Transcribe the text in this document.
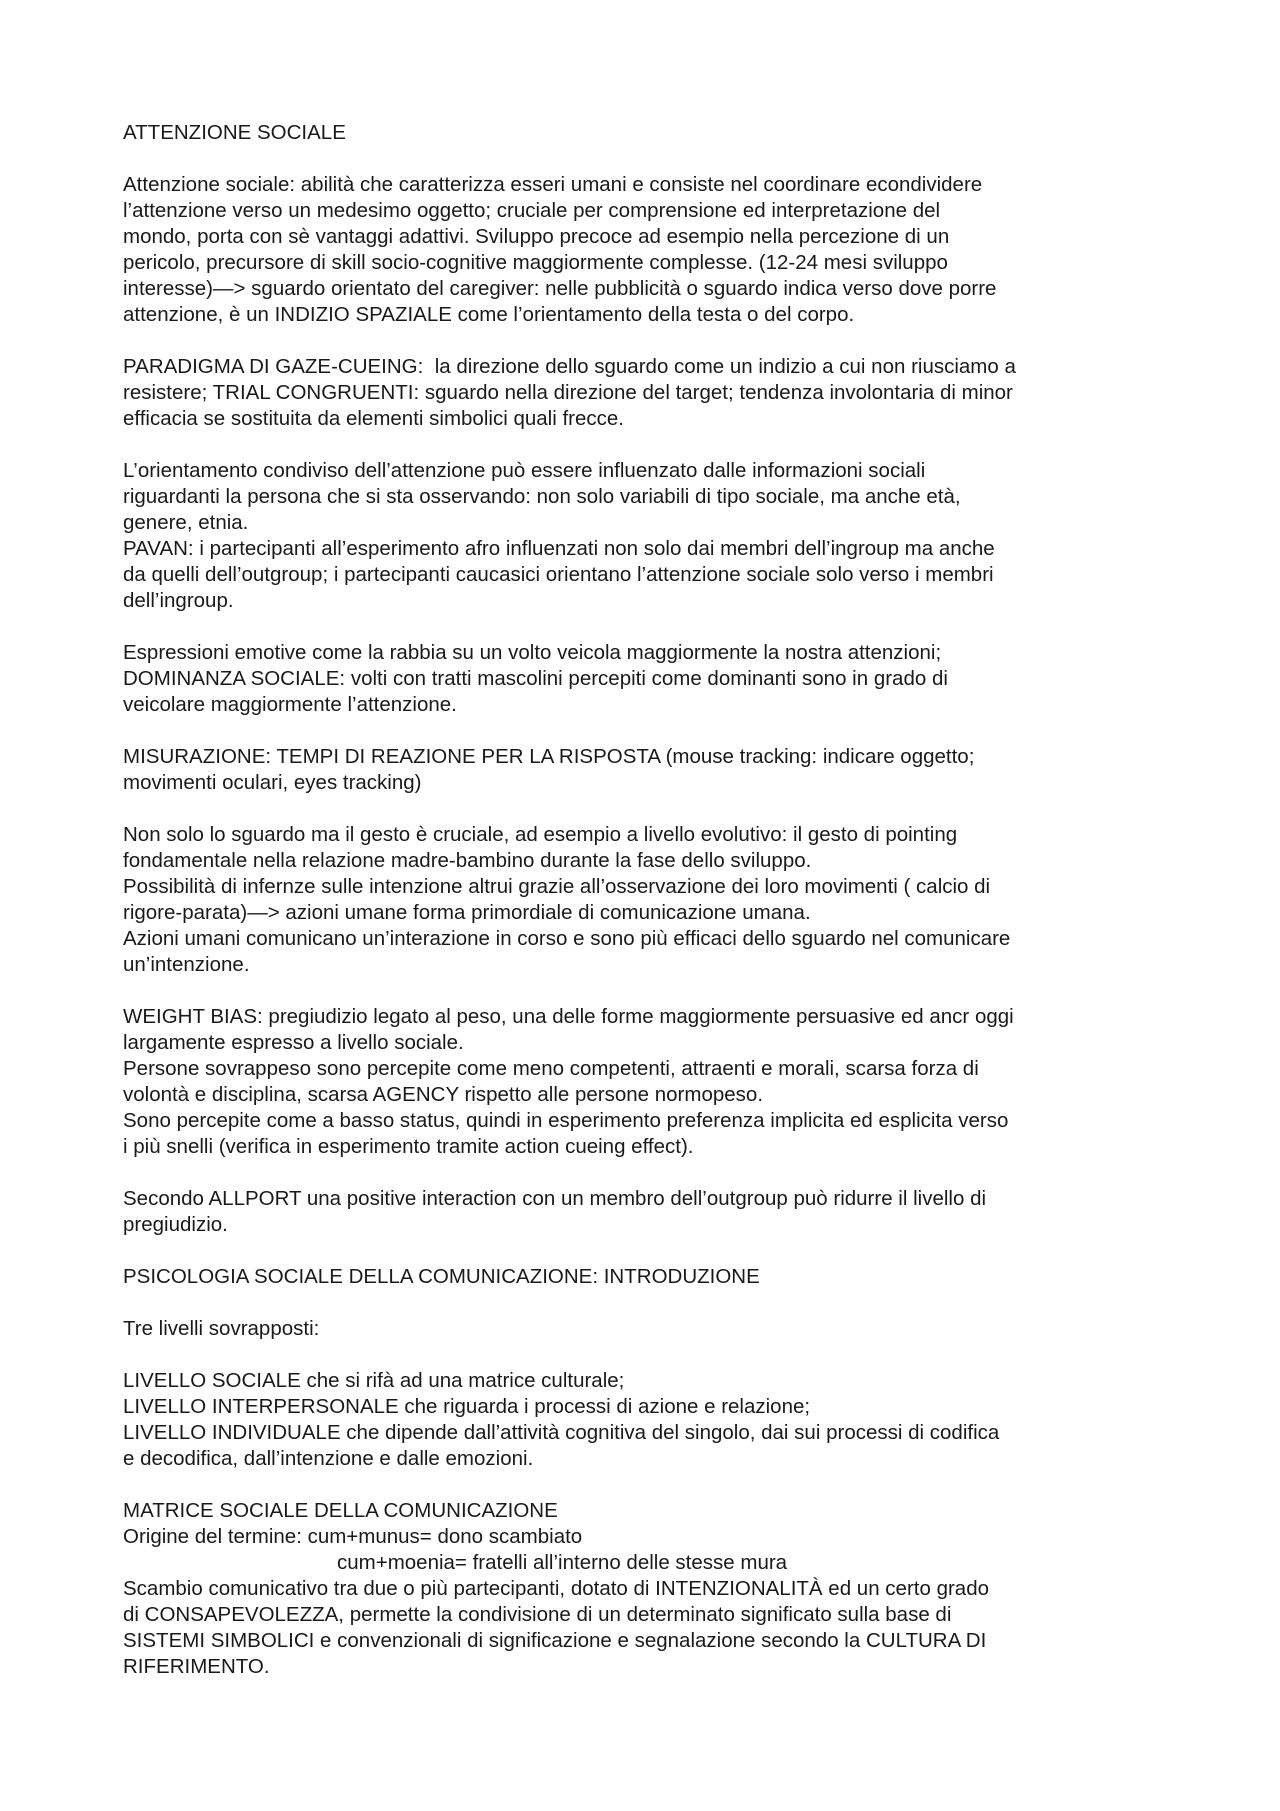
ATTENZIONE SOCIALE
Attenzione sociale: abilità che caratterizza esseri umani e consiste nel coordinare econdividere
l’attenzione verso un medesimo oggetto; cruciale per comprensione ed interpretazione del
mondo, porta con sè vantaggi adattivi. Sviluppo precoce ad esempio nella percezione di un
pericolo, precursore di skill socio-cognitive maggiormente complesse. (12-24 mesi sviluppo
interesse)—> sguardo orientato del caregiver: nelle pubblicità o sguardo indica verso dove porre
attenzione, è un INDIZIO SPAZIALE come l’orientamento della testa o del corpo.
PARADIGMA DI GAZE-CUEING:  la direzione dello sguardo come un indizio a cui non riusciamo a
resistere; TRIAL CONGRUENTI: sguardo nella direzione del target; tendenza involontaria di minor
efficacia se sostituita da elementi simbolici quali frecce.
L’orientamento condiviso dell’attenzione può essere influenzato dalle informazioni sociali
riguardanti la persona che si sta osservando: non solo variabili di tipo sociale, ma anche età,
genere, etnia.
PAVAN: i partecipanti all’esperimento afro influenzati non solo dai membri dell’ingroup ma anche
da quelli dell’outgroup; i partecipanti caucasici orientano l’attenzione sociale solo verso i membri
dell’ingroup.
Espressioni emotive come la rabbia su un volto veicola maggiormente la nostra attenzioni;
DOMINANZA SOCIALE: volti con tratti mascolini percepiti come dominanti sono in grado di
veicolare maggiormente l’attenzione.
MISURAZIONE: TEMPI DI REAZIONE PER LA RISPOSTA (mouse tracking: indicare oggetto;
movimenti oculari, eyes tracking)
Non solo lo sguardo ma il gesto è cruciale, ad esempio a livello evolutivo: il gesto di pointing
fondamentale nella relazione madre-bambino durante la fase dello sviluppo.
Possibilità di infernze sulle intenzione altrui grazie all’osservazione dei loro movimenti ( calcio di
rigore-parata)—> azioni umane forma primordiale di comunicazione umana.
Azioni umani comunicano un’interazione in corso e sono più efficaci dello sguardo nel comunicare
un’intenzione.
WEIGHT BIAS: pregiudizio legato al peso, una delle forme maggiormente persuasive ed ancr oggi
largamente espresso a livello sociale.
Persone sovrappeso sono percepite come meno competenti, attraenti e morali, scarsa forza di
volontà e disciplina, scarsa AGENCY rispetto alle persone normopeso.
Sono percepite come a basso status, quindi in esperimento preferenza implicita ed esplicita verso
i più snelli (verifica in esperimento tramite action cueing effect).
Secondo ALLPORT una positive interaction con un membro dell’outgroup può ridurre il livello di
pregiudizio.
PSICOLOGIA SOCIALE DELLA COMUNICAZIONE: INTRODUZIONE
Tre livelli sovrapposti:
LIVELLO SOCIALE che si rifà ad una matrice culturale;
LIVELLO INTERPERSONALE che riguarda i processi di azione e relazione;
LIVELLO INDIVIDUALE che dipende dall’attività cognitiva del singolo, dai sui processi di codifica
e decodifica, dall’intenzione e dalle emozioni.
MATRICE SOCIALE DELLA COMUNICAZIONE
Origine del termine: cum+munus= dono scambiato
cum+moenia= fratelli all’interno delle stesse mura
Scambio comunicativo tra due o più partecipanti, dotato di INTENZIONALITÀ ed un certo grado
di CONSAPEVOLEZZA, permette la condivisione di un determinato significato sulla base di
SISTEMI SIMBOLICI e convenzionali di significazione e segnalazione secondo la CULTURA DI
RIFERIMENTO.
